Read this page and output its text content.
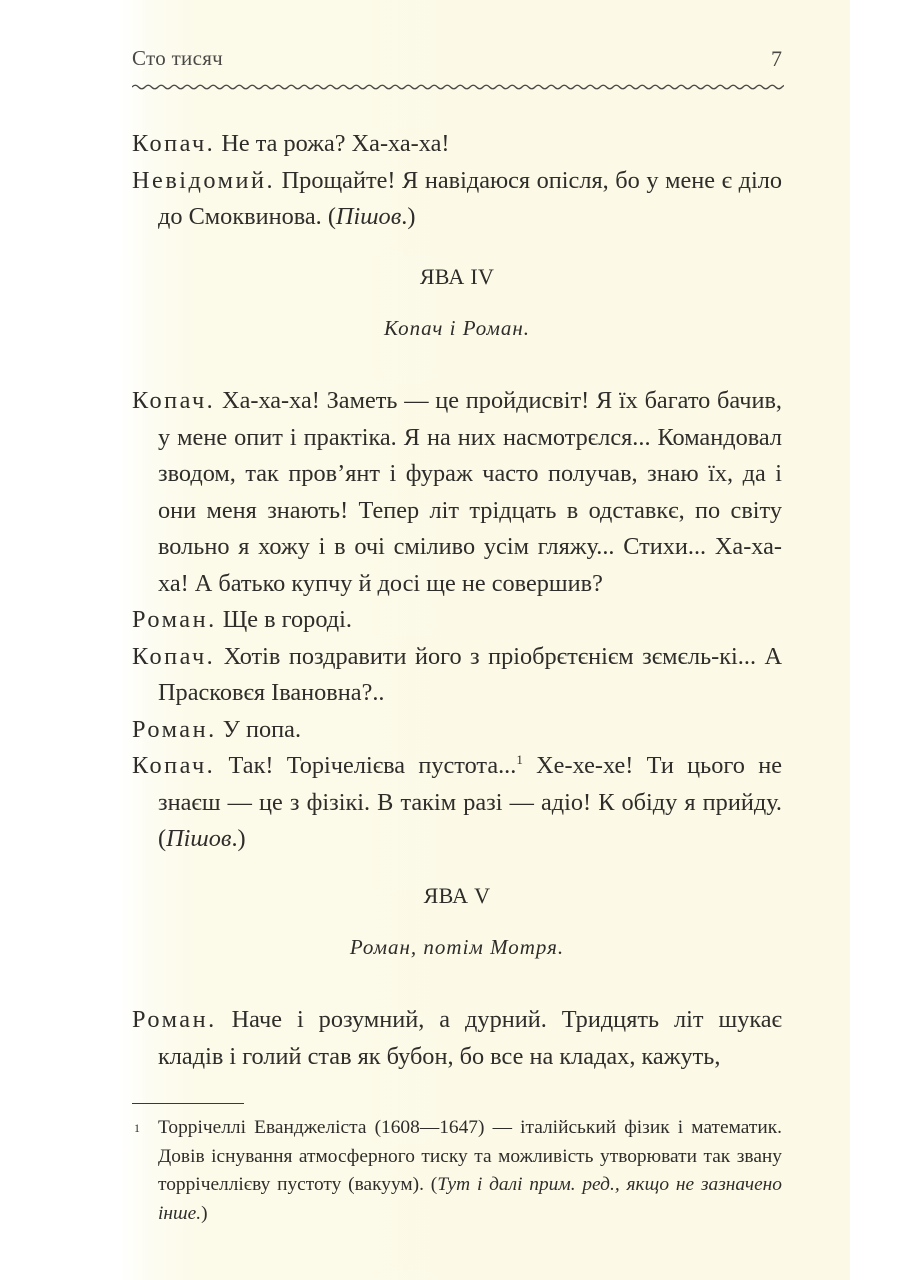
Сто тисяч	7

Копач. Не та рожа? Ха-ха-ха!

Невідомий. Прощайте! Я навідаюся опісля, бо у мене є діло до Смоквинова. (Пішов.)

ЯВА IV

Копач і Роман.

Копач. Ха-ха-ха! Заметь — це пройдисвіт! Я їх багато бачив, у мене опит і практіка. Я на них насмотрєлся... Командовал зводом, так пров’янт і фураж часто получав, знаю їх, да і они меня знають! Тепер літ трідцать в одставкє, по світу вольно я хожу і в очі сміливо усім гляжу... Стихи... Ха-ха-ха! А батько купчу й досі ще не совершив?

Роман. Ще в городі.

Копач. Хотів поздравити його з пріобрєтєнієм зємєль-кі... А Прасковєя Івановна?..

Роман. У попа.

Копач. Так! Торічелієва пустота...$^1$ Хе-хе-хе! Ти цього не знаєш — це з фізікі. В такім разі — адіо! К обіду я прийду. (Пішов.)

ЯВА V

Роман, потім Мотря.

Роман. Наче і розумний, а дурний. Тридцять літ шукає кладів і голий став як бубон, бо все на кладах, кажуть,

1 Торрічеллі Еванджеліста (1608—1647) — італійський фізик і математик. Довів існування атмосферного тиску та можливість утворювати так звану торрічеллієву пустоту (вакуум). (Тут і далі прим. ред., якщо не зазначено інше.)
